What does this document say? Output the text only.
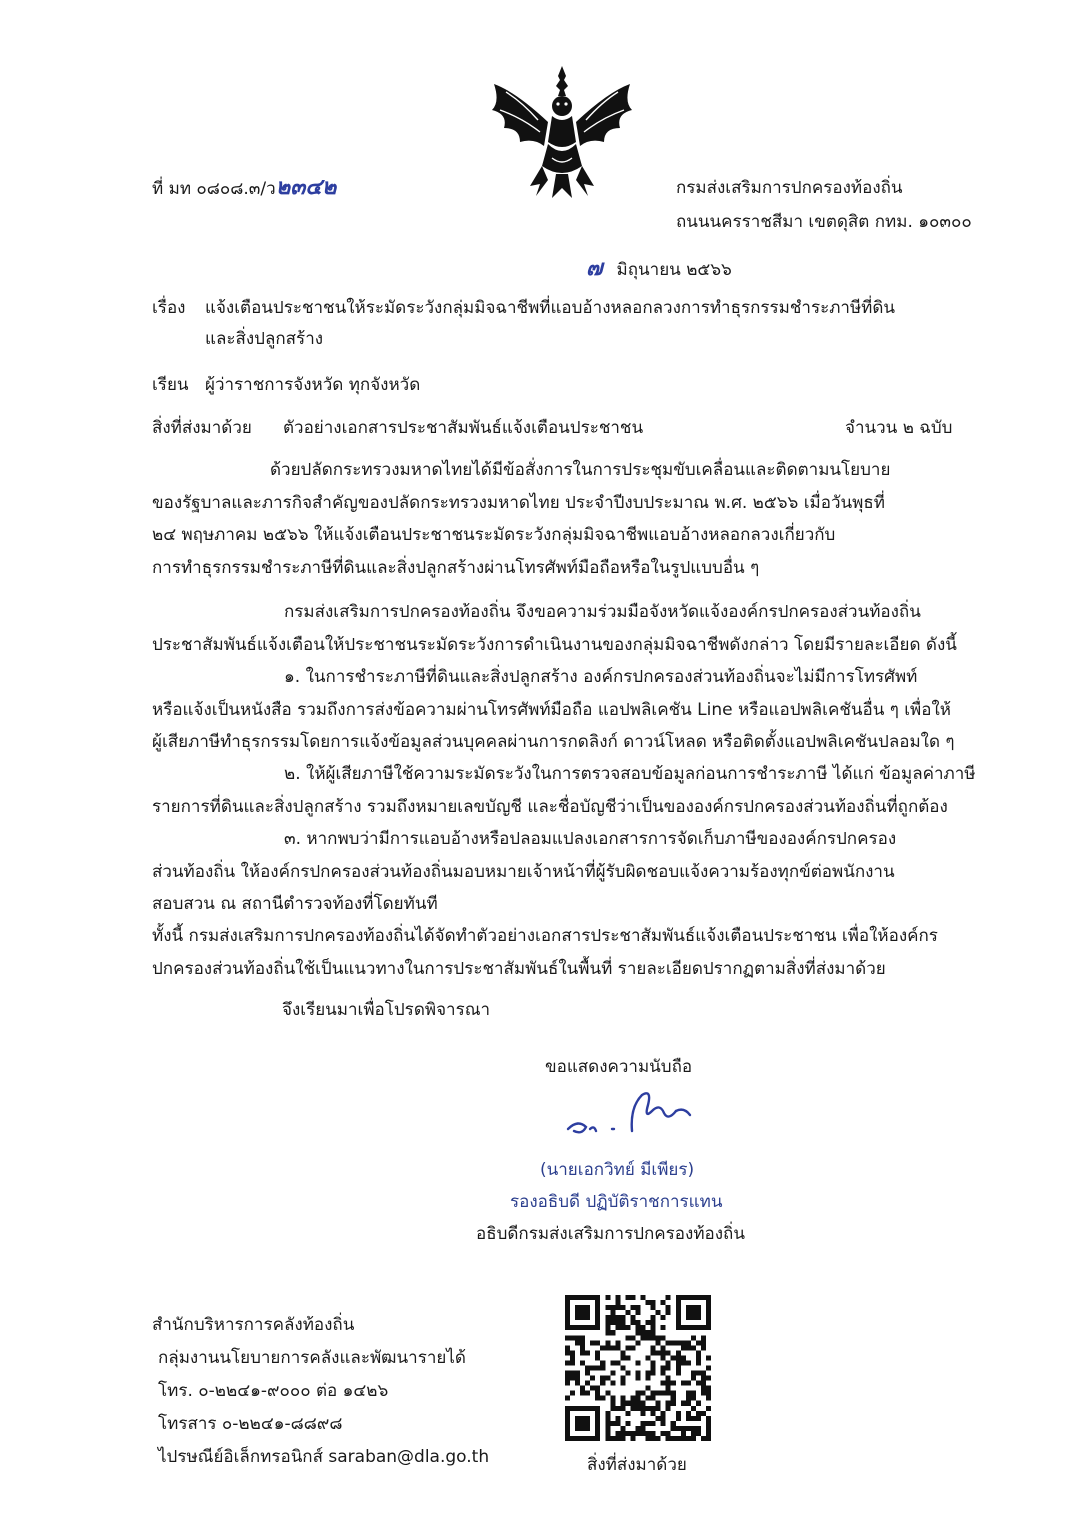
ที่ มท ๐๘๐๘.๓/ว๒๓๔๒	กรมส่งเสริมการปกครองท้องถิ่น
ถนนนครราชสีมา เขตดุสิต กทม. ๑๐๓๐๐
๗ มิถุนายน ๒๕๖๖
เรื่อง แจ้งเตือนประชาชนให้ระมัดระวังกลุ่มมิจฉาชีพที่แอบอ้างหลอกลวงการทำธุรกรรมชำระภาษีที่ดิน
และสิ่งปลูกสร้าง
เรียน ผู้ว่าราชการจังหวัด ทุกจังหวัด
สิ่งที่ส่งมาด้วย ตัวอย่างเอกสารประชาสัมพันธ์แจ้งเตือนประชาชน	จำนวน ๒ ฉบับ
ด้วยปลัดกระทรวงมหาดไทยได้มีข้อสั่งการในการประชุมขับเคลื่อนและติดตามนโยบาย
ของรัฐบาลและภารกิจสำคัญของปลัดกระทรวงมหาดไทย ประจำปีงบประมาณ พ.ศ. ๒๕๖๖ เมื่อวันพุธที่
๒๔ พฤษภาคม ๒๕๖๖ ให้แจ้งเตือนประชาชนระมัดระวังกลุ่มมิจฉาชีพแอบอ้างหลอกลวงเกี่ยวกับ
การทำธุรกรรมชำระภาษีที่ดินและสิ่งปลูกสร้างผ่านโทรศัพท์มือถือหรือในรูปแบบอื่น ๆ
กรมส่งเสริมการปกครองท้องถิ่น จึงขอความร่วมมือจังหวัดแจ้งองค์กรปกครองส่วนท้องถิ่น
ประชาสัมพันธ์แจ้งเตือนให้ประชาชนระมัดระวังการดำเนินงานของกลุ่มมิจฉาชีพดังกล่าว โดยมีรายละเอียด ดังนี้
๑. ในการชำระภาษีที่ดินและสิ่งปลูกสร้าง องค์กรปกครองส่วนท้องถิ่นจะไม่มีการโทรศัพท์
หรือแจ้งเป็นหนังสือ รวมถึงการส่งข้อความผ่านโทรศัพท์มือถือ แอปพลิเคชัน Line หรือแอปพลิเคชันอื่น ๆ เพื่อให้
ผู้เสียภาษีทำธุรกรรมโดยการแจ้งข้อมูลส่วนบุคคลผ่านการกดลิงก์ ดาวน์โหลด หรือติดตั้งแอปพลิเคชันปลอมใด ๆ
๒. ให้ผู้เสียภาษีใช้ความระมัดระวังในการตรวจสอบข้อมูลก่อนการชำระภาษี ได้แก่ ข้อมูลค่าภาษี
รายการที่ดินและสิ่งปลูกสร้าง รวมถึงหมายเลขบัญชี และชื่อบัญชีว่าเป็นขององค์กรปกครองส่วนท้องถิ่นที่ถูกต้อง
๓. หากพบว่ามีการแอบอ้างหรือปลอมแปลงเอกสารการจัดเก็บภาษีขององค์กรปกครอง
ส่วนท้องถิ่น ให้องค์กรปกครองส่วนท้องถิ่นมอบหมายเจ้าหน้าที่ผู้รับผิดชอบแจ้งความร้องทุกข์ต่อพนักงาน
สอบสวน ณ สถานีตำรวจท้องที่โดยทันที
ทั้งนี้ กรมส่งเสริมการปกครองท้องถิ่นได้จัดทำตัวอย่างเอกสารประชาสัมพันธ์แจ้งเตือนประชาชน เพื่อให้องค์กร
ปกครองส่วนท้องถิ่นใช้เป็นแนวทางในการประชาสัมพันธ์ในพื้นที่ รายละเอียดปรากฏตามสิ่งที่ส่งมาด้วย
จึงเรียนมาเพื่อโปรดพิจารณา
ขอแสดงความนับถือ
(นายเอกวิทย์ มีเพียร)
รองอธิบดี ปฏิบัติราชการแทน
อธิบดีกรมส่งเสริมการปกครองท้องถิ่น
สำนักบริหารการคลังท้องถิ่น
กลุ่มงานนโยบายการคลังและพัฒนารายได้
โทร. ๐-๒๒๔๑-๙๐๐๐ ต่อ ๑๔๒๖
โทรสาร ๐-๒๒๔๑-๘๘๙๘
ไปรษณีย์อิเล็กทรอนิกส์ saraban@dla.go.th	สิ่งที่ส่งมาด้วย
